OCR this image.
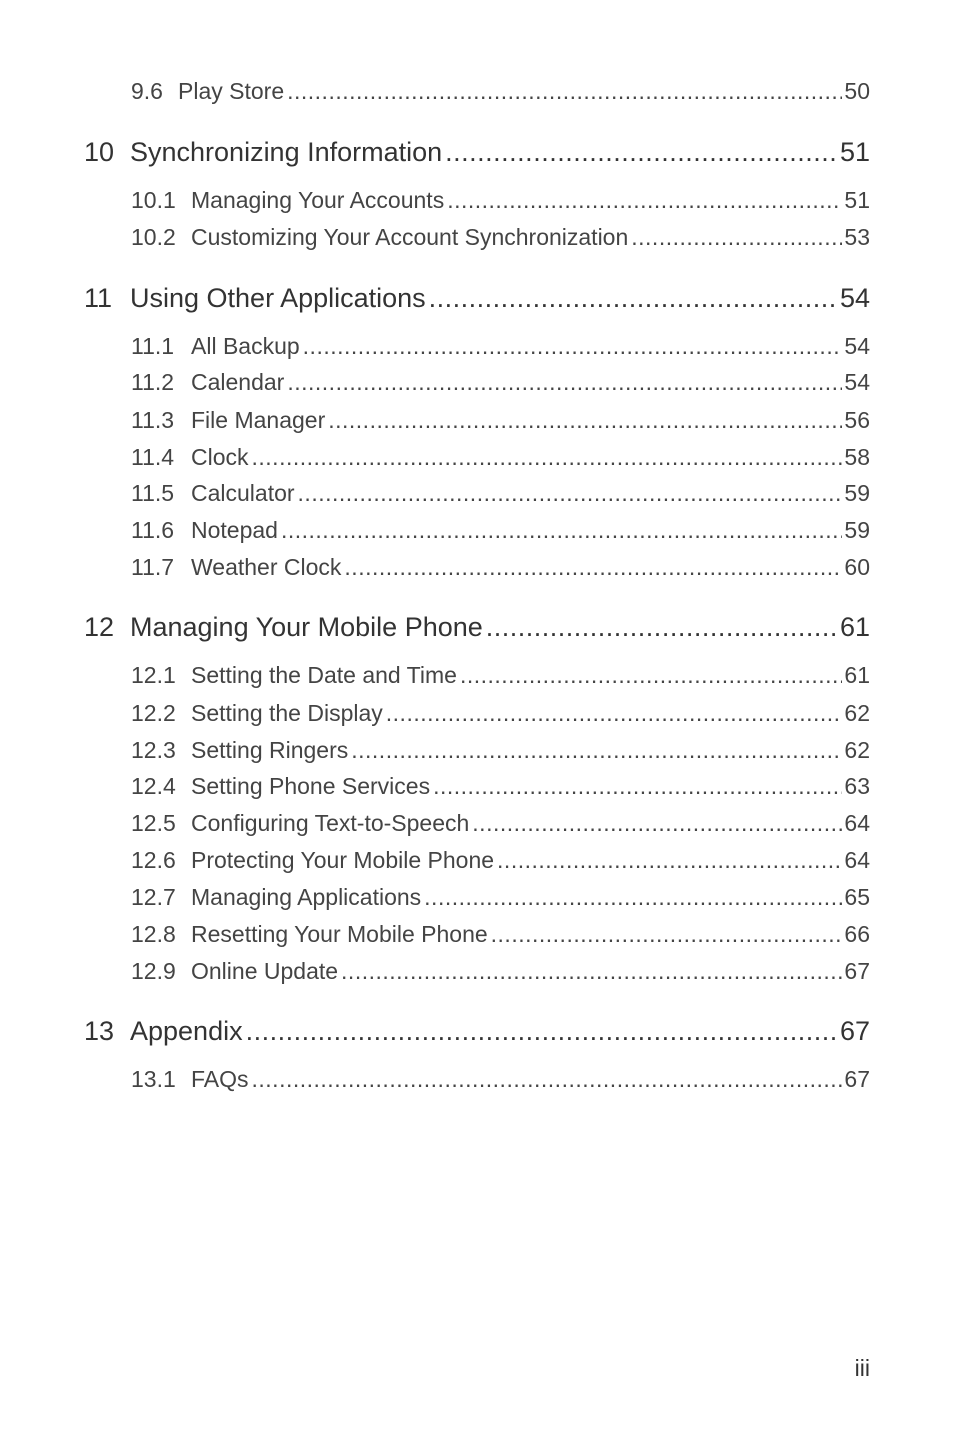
9.6 Play Store .....	50
10 Synchronizing Information .....	51
10.1 Managing Your Accounts .....	51
10.2 Customizing Your Account Synchronization .....	53
11 Using Other Applications .....	54
11.1 All Backup .....	54
11.2 Calendar .....	54
11.3 File Manager .....	56
11.4 Clock .....	58
11.5 Calculator .....	59
11.6 Notepad .....	59
11.7 Weather Clock .....	60
12 Managing Your Mobile Phone .....	61
12.1 Setting the Date and Time .....	61
12.2 Setting the Display .....	62
12.3 Setting Ringers .....	62
12.4 Setting Phone Services .....	63
12.5 Configuring Text-to-Speech .....	64
12.6 Protecting Your Mobile Phone .....	64
12.7 Managing Applications .....	65
12.8 Resetting Your Mobile Phone .....	66
12.9 Online Update .....	67
13 Appendix .....	67
13.1 FAQs .....	67
iii
